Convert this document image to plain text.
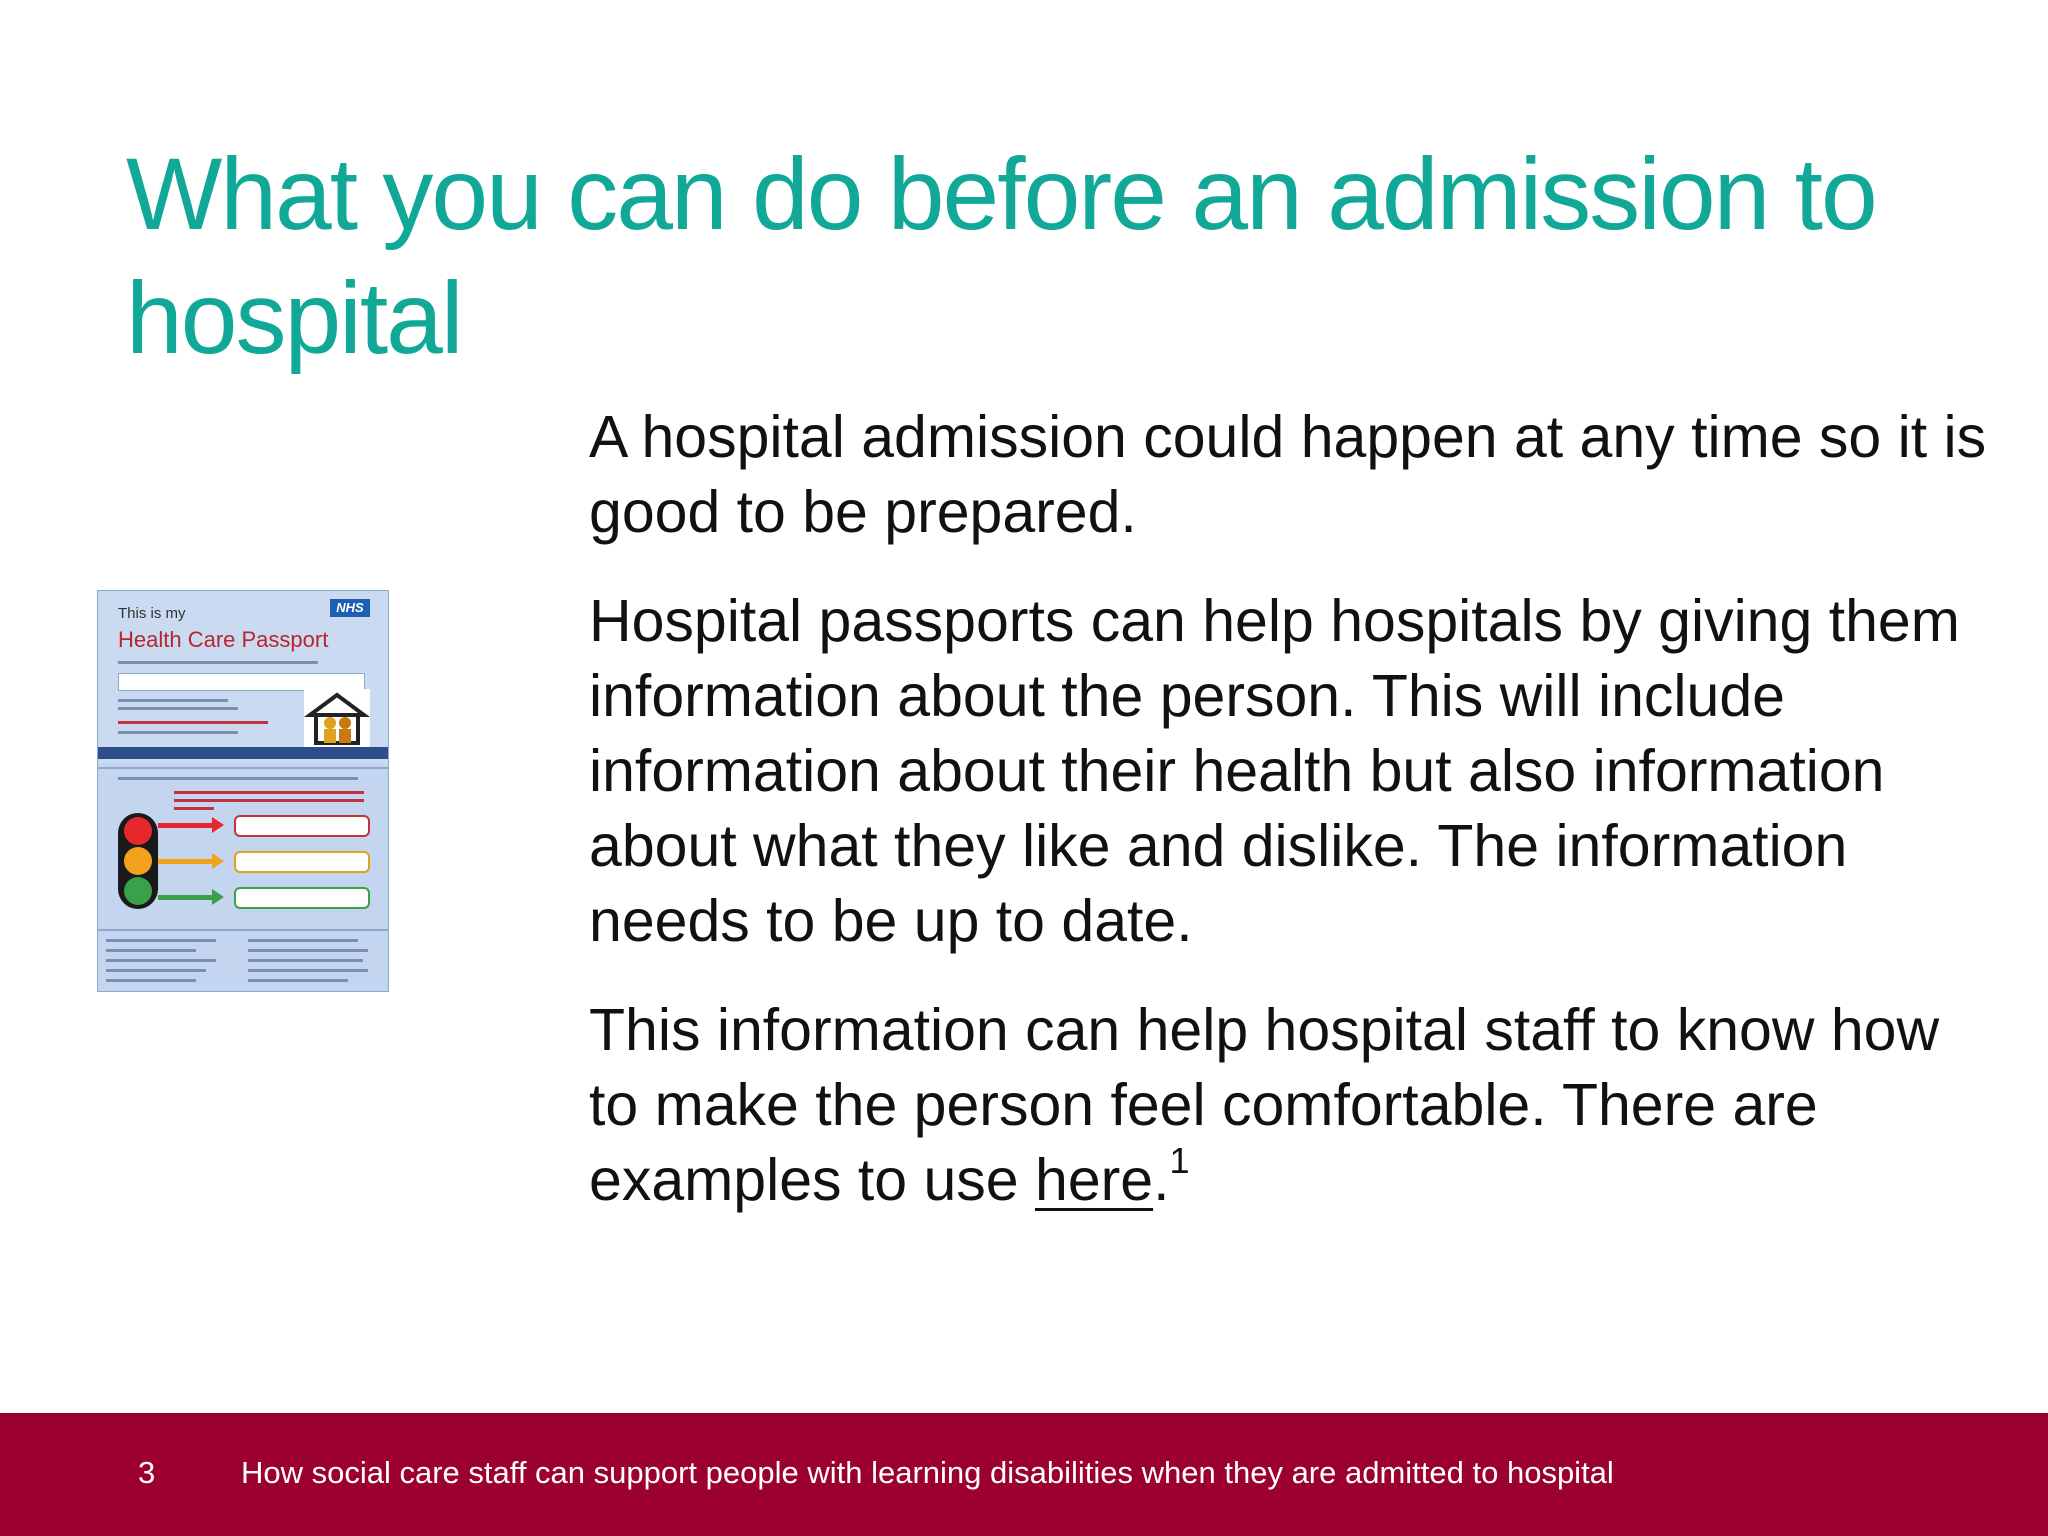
What you can do before an admission to hospital
This is my
Health Care Passport
NHS

A hospital admission could happen at any time so it is good to be prepared.

Hospital passports can help hospitals by giving them information about the person. This will include information about their health but also information about what they like and dislike. The information needs to be up to date.

This information can help hospital staff to know how to make the person feel comfortable. There are examples to use here.$^1$

3	How social care staff can support people with learning disabilities when they are admitted to hospital
